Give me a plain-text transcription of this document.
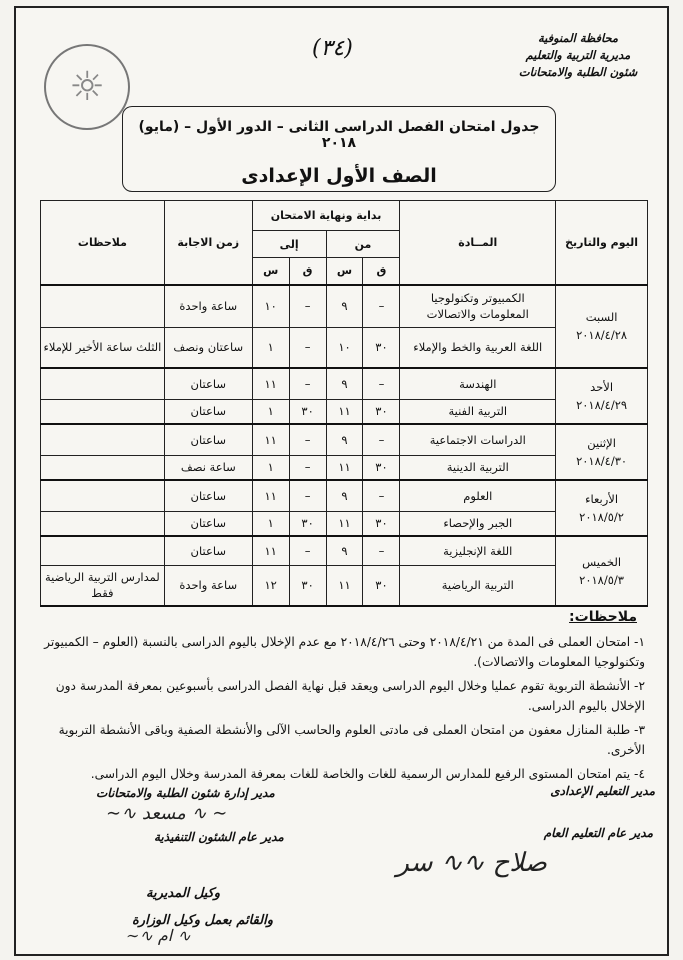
☼
محافظة المنوفية
مديرية التربية والتعليم
شئون الطلبة والامتحانات
(٣٤)
جدول امتحان الفصل الدراسى الثانى – الدور الأول – (مايو) ٢٠١٨
الصف الأول الإعدادى
اليوم والتاريخ	المــادة	بداية ونهاية الامتحان				زمن الاجابة	ملاحظات
		من		إلى			
		ق	س	ق	س		

السبت
٢٠١٨/٤/٢٨	الكمبيوتر وتكنولوجيا المعلومات والاتصالات	–	٩	–	١٠	ساعة واحدة	
	اللغة العربية والخط والإملاء	٣٠	١٠	–	١	ساعتان ونصف	الثلث ساعة الأخير للإملاء

الأحد
٢٠١٨/٤/٢٩	الهندسة	–	٩	–	١١	ساعتان	
	التربية الفنية	٣٠	١١	٣٠	١	ساعتان	

الإثنين
٢٠١٨/٤/٣٠	الدراسات الاجتماعية	–	٩	–	١١	ساعتان	
	التربية الدينية	٣٠	١١	–	١	ساعة نصف	

الأربعاء
٢٠١٨/٥/٢	العلوم	–	٩	–	١١	ساعتان	
	الجبر والإحصاء	٣٠	١١	٣٠	١	ساعتان	

الخميس
٢٠١٨/٥/٣	اللغة الإنجليزية	–	٩	–	١١	ساعتان	
	التربية الرياضية	٣٠	١١	٣٠	١٢	ساعة واحدة	لمدارس التربية الرياضية فقط
ملاحظات:
١- امتحان العملى فى المدة من ٢٠١٨/٤/٢١ وحتى ٢٠١٨/٤/٢٦ مع عدم الإخلال باليوم الدراسى بالنسبة (العلوم – الكمبيوتر وتكنولوجيا المعلومات والاتصالات).
٢- الأنشطة التربوية تقوم عمليا وخلال اليوم الدراسى ويعقد قبل نهاية الفصل الدراسى بأسبوعين بمعرفة المدرسة دون الإخلال باليوم الدراسى.
٣- طلبة المنازل معفون من امتحان العملى فى مادتى العلوم والحاسب الآلى والأنشطة الصفية وباقى الأنشطة التربوية الأخرى.
٤- يتم امتحان المستوى الرفيع للمدارس الرسمية للغات والخاصة للغات بمعرفة المدرسة وخلال اليوم الدراسى.
مدير التعليم الإعدادى
مدير إدارة شئون الطلبة والامتحانات
∽ ∿ ﻣﺴﻌﺪ ∿∽
مدير عام التعليم العام
مدير عام الشئون التنفيذية
ﺻﻼﺡ ∿∿ ﺳﺮ
وكيل المديرية
والقائم بعمل وكيل الوزارة
∿ ﺍﻡ ∿∽
